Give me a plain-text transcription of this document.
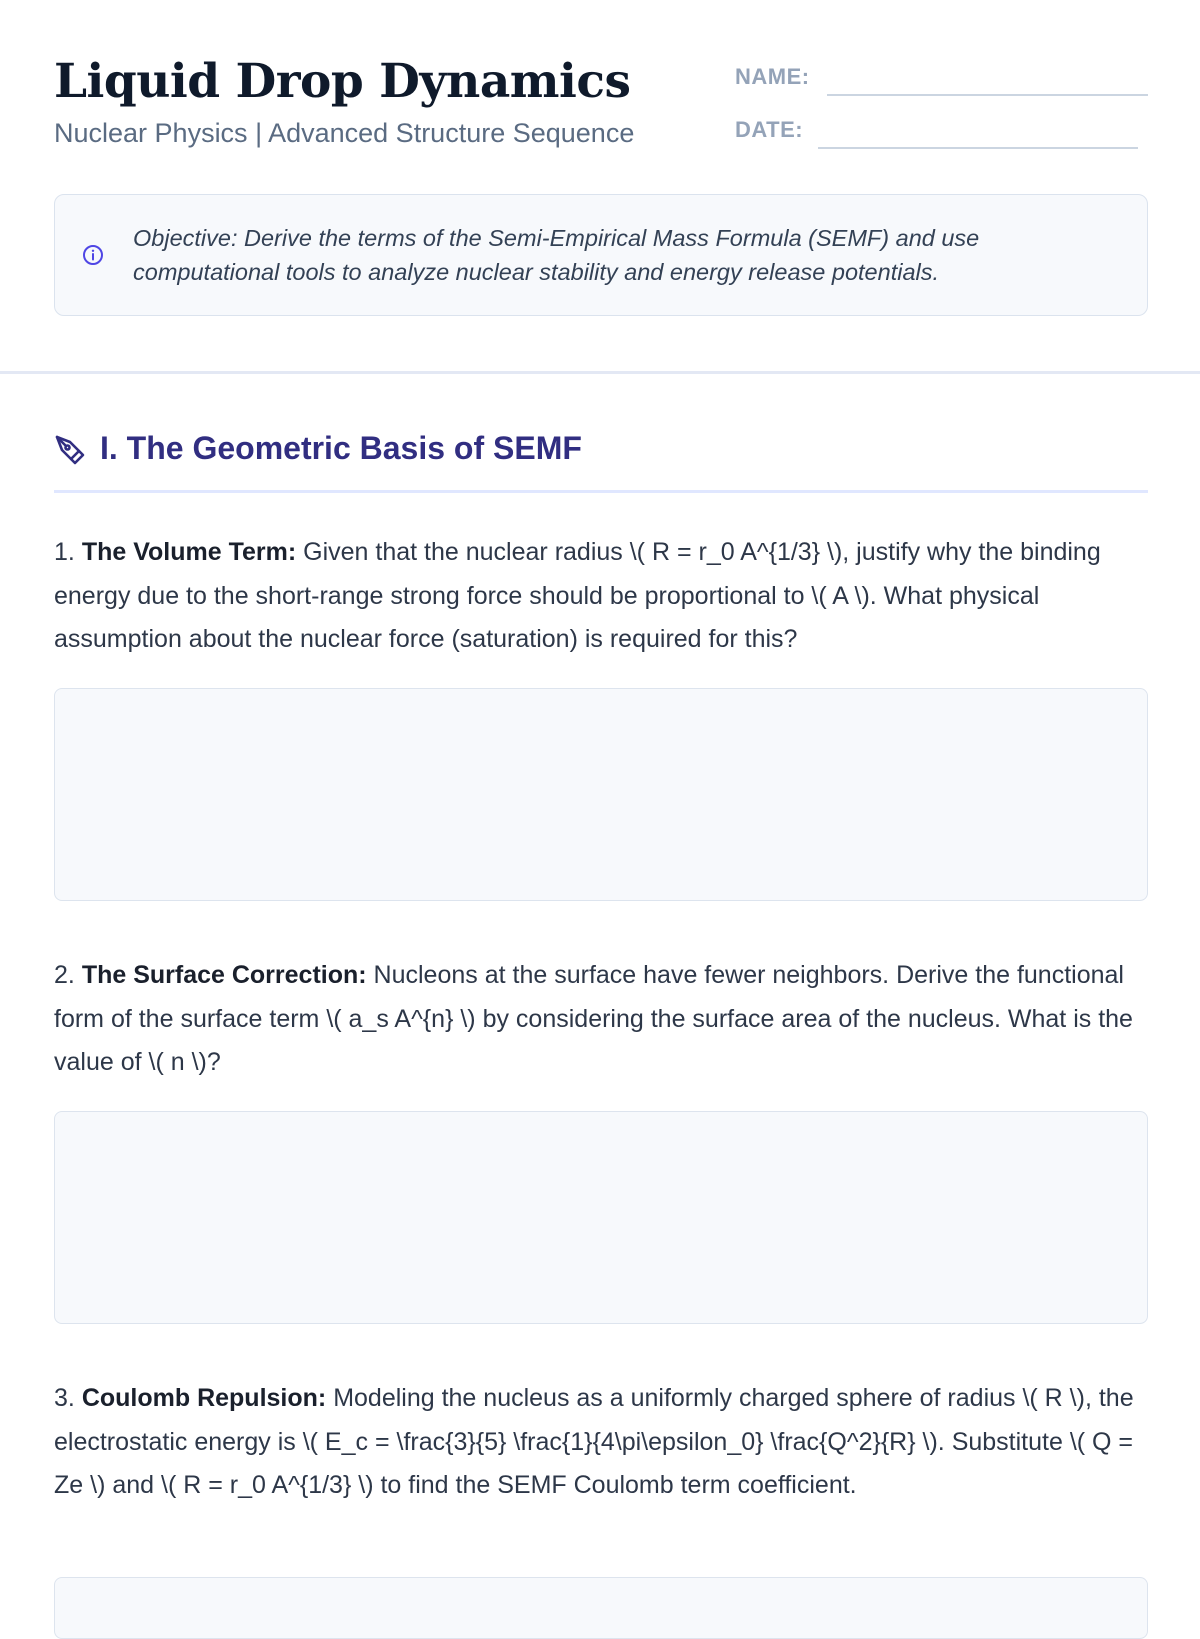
Liquid Drop Dynamics
Nuclear Physics | Advanced Structure Sequence
NAME:
DATE:
Objective: Derive the terms of the Semi-Empirical Mass Formula (SEMF) and use computational tools to analyze nuclear stability and energy release potentials.
I. The Geometric Basis of SEMF
1. The Volume Term: Given that the nuclear radius \( R = r_0 A^{1/3} \), justify why the binding energy due to the short-range strong force should be proportional to \( A \). What physical assumption about the nuclear force (saturation) is required for this?
2. The Surface Correction: Nucleons at the surface have fewer neighbors. Derive the functional form of the surface term \( a_s A^{n} \) by considering the surface area of the nucleus. What is the value of \( n \)?
3. Coulomb Repulsion: Modeling the nucleus as a uniformly charged sphere of radius \( R \), the electrostatic energy is \( E_c = \frac{3}{5} \frac{1}{4\pi\epsilon_0} \frac{Q^2}{R} \). Substitute \( Q = Ze \) and \( R = r_0 A^{1/3} \) to find the SEMF Coulomb term coefficient.
